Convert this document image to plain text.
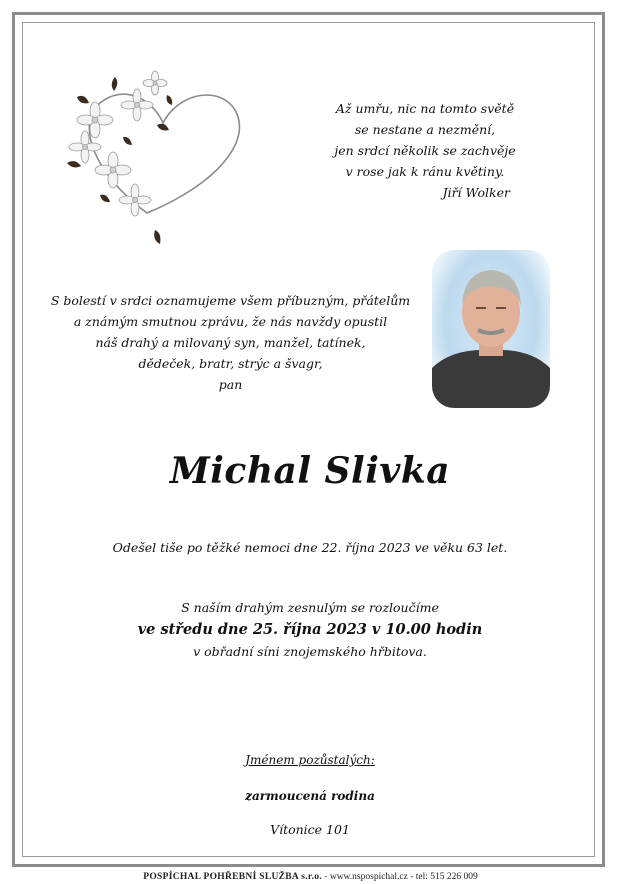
Až umřu, nic na tomto světě
se nestane a nezmění,
jen srdcí několik se zachvěje
v rose jak k ránu květiny.
Jiří Wolker
S bolestí v srdci oznamujeme všem příbuzným, přátelům
a známým smutnou zprávu, že nás navždy opustil
náš drahý a milovaný syn, manžel, tatínek,
dědeček, bratr, strýc a švagr,
pan
Michal Slivka
Odešel tiše po těžké nemoci dne 22. října 2023 ve věku 63 let.
S naším drahým zesnulým se rozloučíme
ve středu dne 25. října 2023 v 10.00 hodin
v obřadní síni znojemského hřbitova.
Jménem pozůstalých:
zarmoucená rodina
Vítonice 101
POSPÍCHAL POHŘEBNÍ SLUŽBA s.r.o. - www.nspospichal.cz - tel: 515 226 009
